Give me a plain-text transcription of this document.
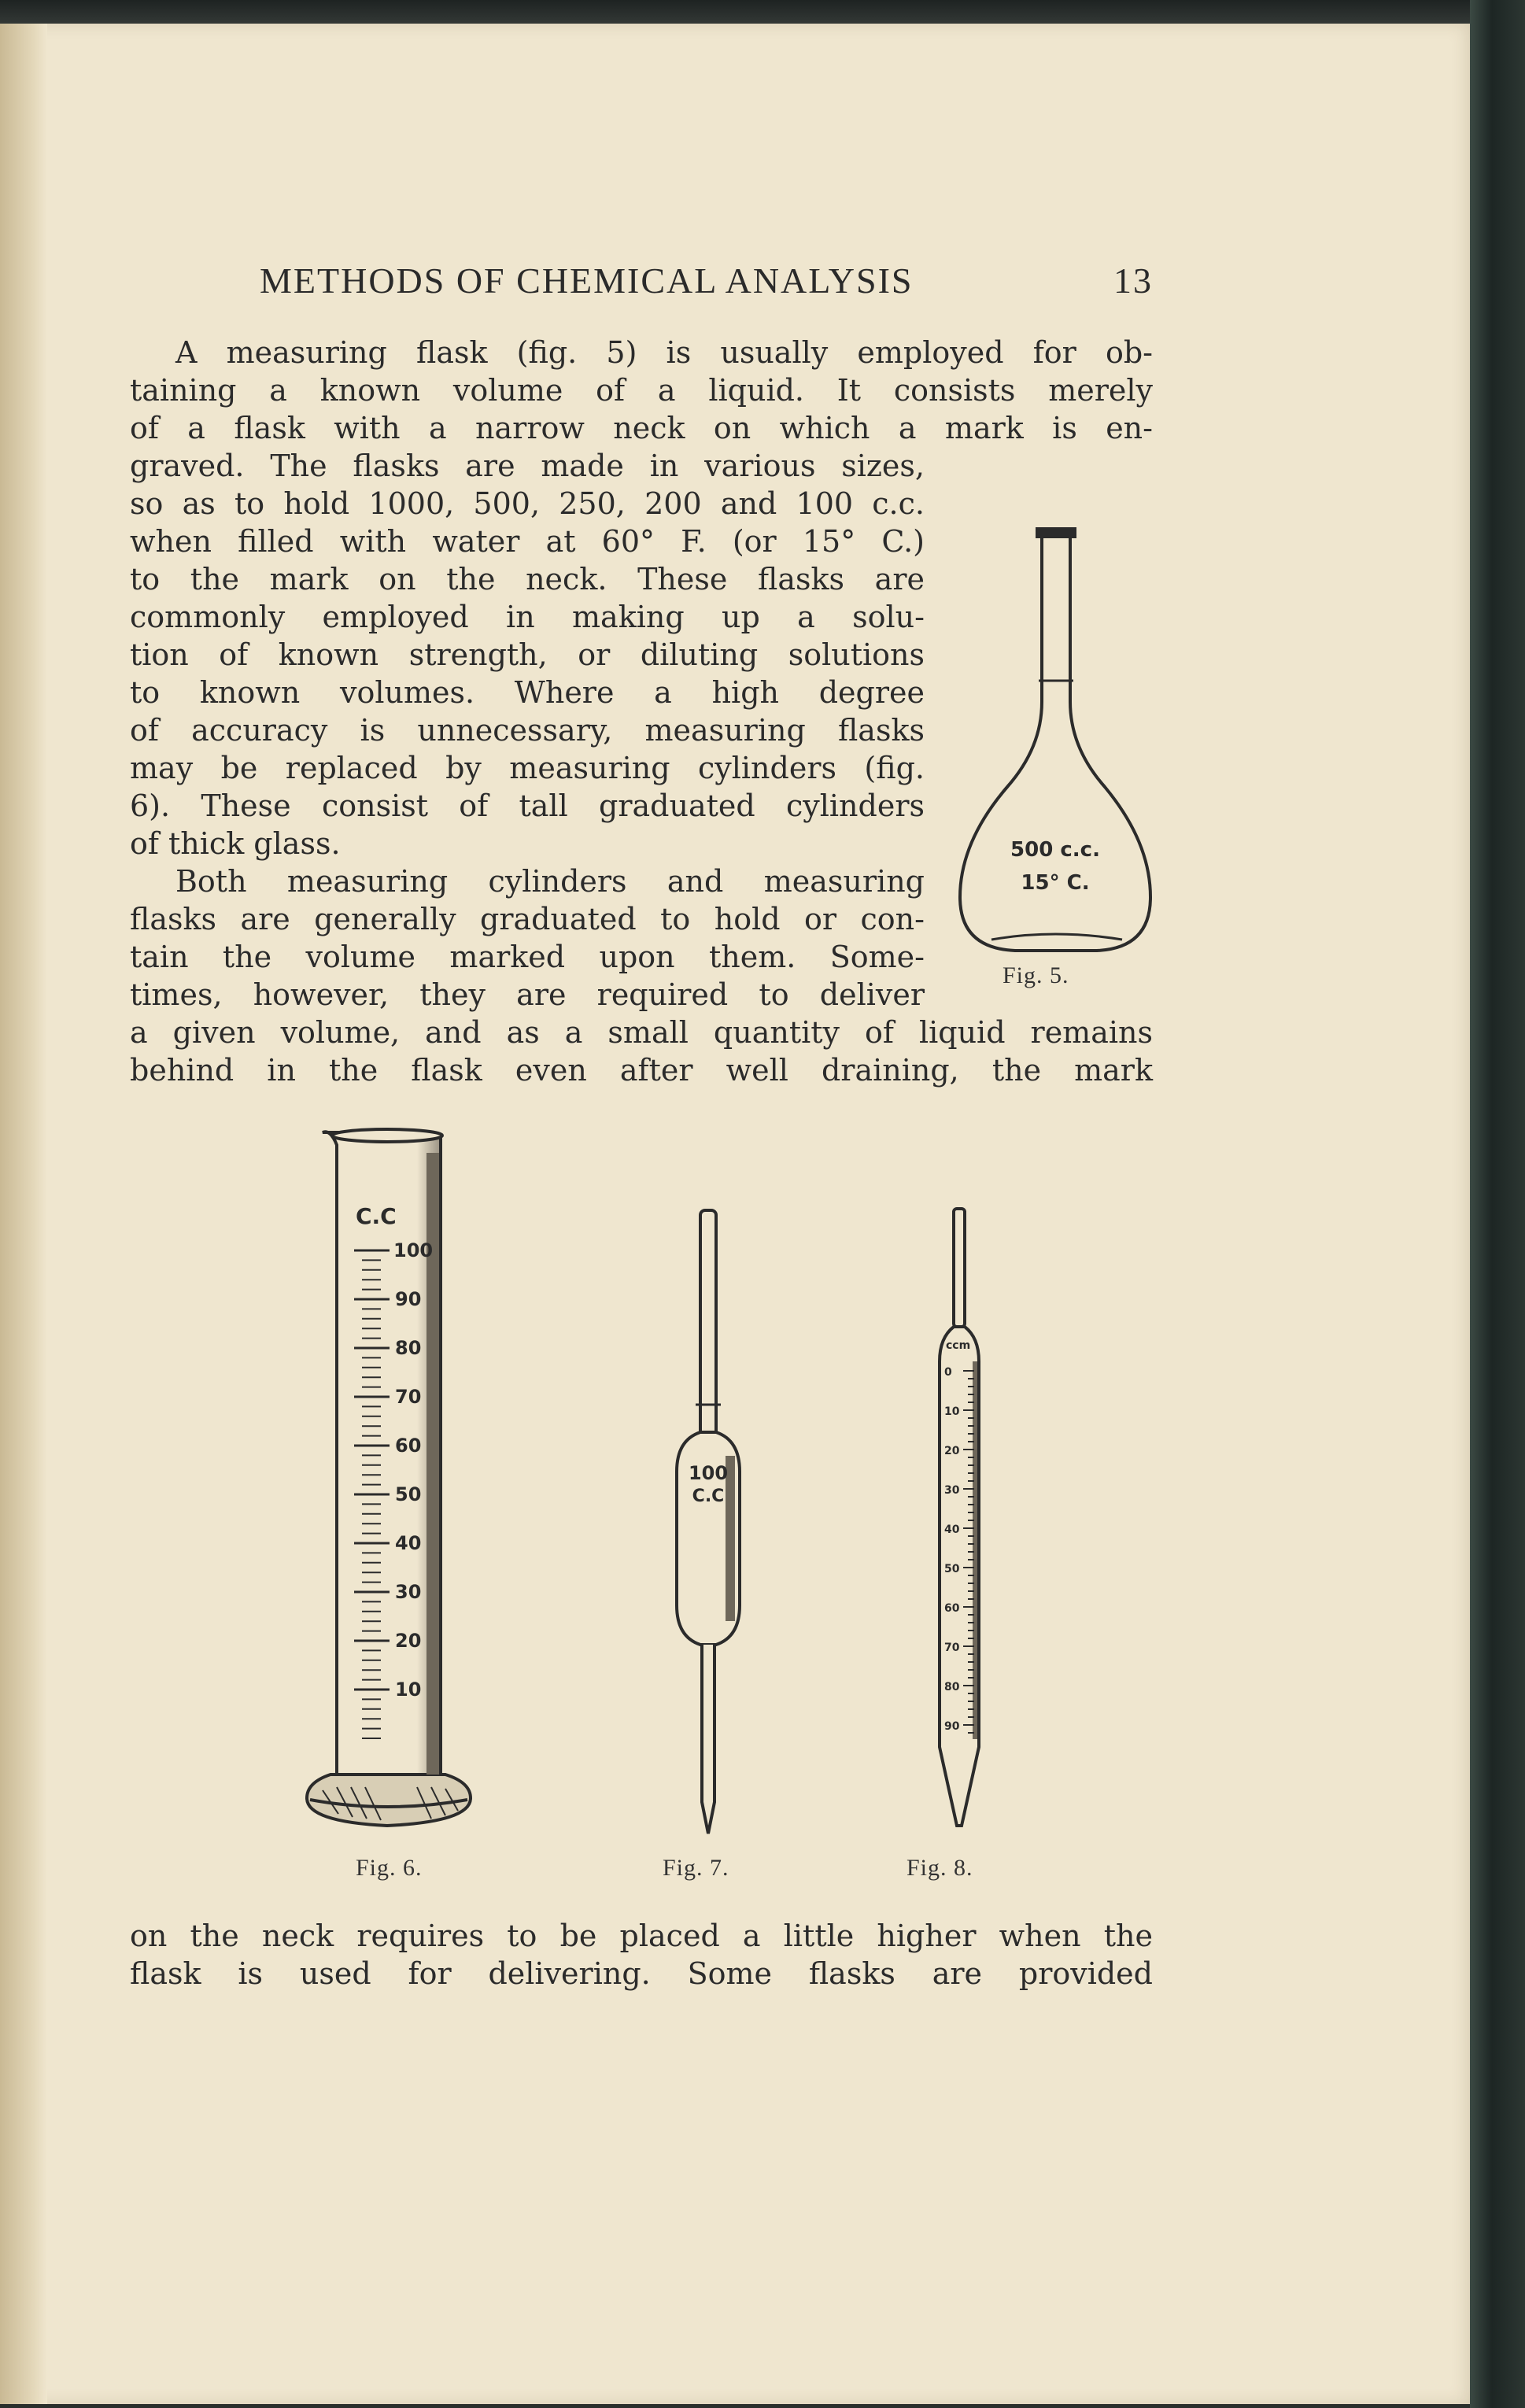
METHODS OF CHEMICAL ANALYSIS	13

A measuring flask (fig. 5) is usually employed for ob-

taining a known volume of a liquid. It consists merely

of a flask with a narrow neck on which a mark is en-

graved. The flasks are made in various sizes,

so as to hold 1000, 500, 250, 200 and 100 c.c.

when filled with water at 60° F. (or 15° C.)

to the mark on the neck. These flasks are

commonly employed in making up a solu-

tion of known strength, or diluting solutions

to known volumes. Where a high degree

of accuracy is unnecessary, measuring flasks

may be replaced by measuring cylinders (fig.

6). These consist of tall graduated cylinders

of thick glass.

Both measuring cylinders and measuring

flasks are generally graduated to hold or con-

tain the volume marked upon them. Some-

times, however, they are required to deliver

a given volume, and as a small quantity of liquid remains

behind in the flask even after well draining, the mark

500 c.c.
15° C.
Fig. 5.
C.C
100
90
80
70
60
50
40
30
20
10
Fig. 6.
100
C.C
Fig. 7.
ccm
0
10
20
30
40
50
60
70
80
90
Fig. 8.

on the neck requires to be placed a little higher when the

flask is used for delivering. Some flasks are provided
